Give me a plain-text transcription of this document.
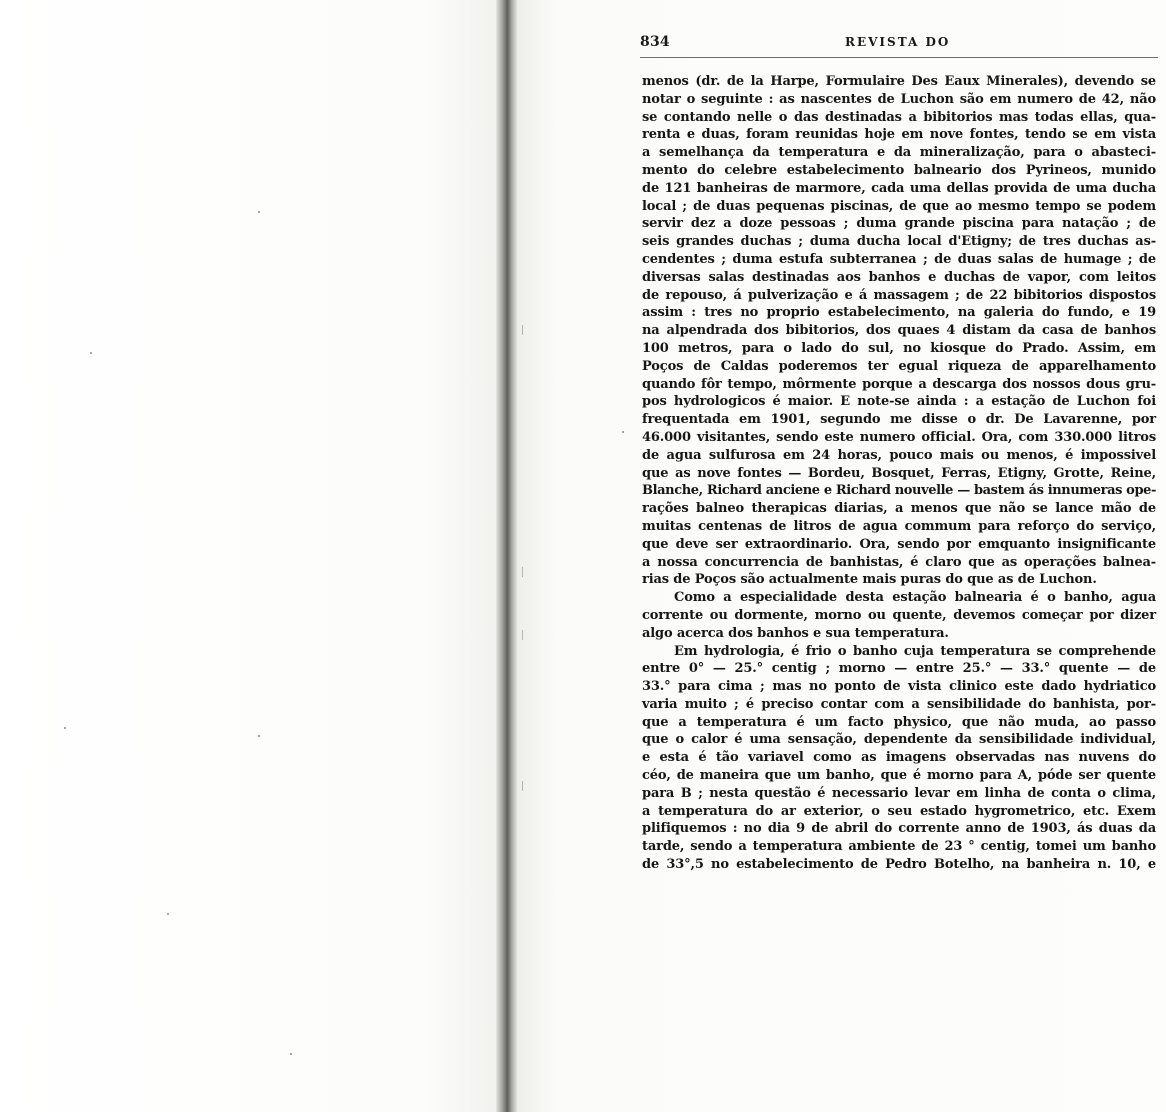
834	REVISTA DO
menos (dr. de la Harpe, Formulaire Des Eaux Minerales), devendo se
notar o seguinte : as nascentes de Luchon são em numero de 42, não
se contando nelle o das destinadas a bibitorios mas todas ellas, qua-
renta e duas, foram reunidas hoje em nove fontes, tendo se em vista
a semelhança da temperatura e da mineralização, para o abasteci-
mento do celebre estabelecimento balneario dos Pyrineos, munido
de 121 banheiras de marmore, cada uma dellas provida de uma ducha
local ; de duas pequenas piscinas, de que ao mesmo tempo se podem
servir dez a doze pessoas ; duma grande piscina para natação ; de
seis grandes duchas ; duma ducha local d'Etigny; de tres duchas as-
cendentes ; duma estufa subterranea ; de duas salas de humage ; de
diversas salas destinadas aos banhos e duchas de vapor, com leitos
de repouso, á pulverização e á massagem ; de 22 bibitorios dispostos
assim : tres no proprio estabelecimento, na galeria do fundo, e 19
na alpendrada dos bibitorios, dos quaes 4 distam da casa de banhos
100 metros, para o lado do sul, no kiosque do Prado. Assim, em
Poços de Caldas poderemos ter egual riqueza de apparelhamento
quando fôr tempo, môrmente porque a descarga dos nossos dous gru-
pos hydrologicos é maior. E note-se ainda : a estação de Luchon foi
frequentada em 1901, segundo me disse o dr. De Lavarenne, por
46.000 visitantes, sendo este numero official. Ora, com 330.000 litros
de agua sulfurosa em 24 horas, pouco mais ou menos, é impossivel
que as nove fontes — Bordeu, Bosquet, Ferras, Etigny, Grotte, Reine,
Blanche, Richard anciene e Richard nouvelle — bastem ás innumeras ope-
rações balneo therapicas diarias, a menos que não se lance mão de
muitas centenas de litros de agua commum para reforço do serviço,
que deve ser extraordinario. Ora, sendo por emquanto insignificante
a nossa concurrencia de banhistas, é claro que as operações balnea-
rias de Poços são actualmente mais puras do que as de Luchon.
Como a especialidade desta estação balnearia é o banho, agua
corrente ou dormente, morno ou quente, devemos começar por dizer
algo acerca dos banhos e sua temperatura.
Em hydrologia, é frio o banho cuja temperatura se comprehende
entre 0° — 25.° centig ; morno — entre 25.° — 33.° quente — de
33.° para cima ; mas no ponto de vista clinico este dado hydriatico
varia muito ; é preciso contar com a sensibilidade do banhista, por-
que a temperatura é um facto physico, que não muda, ao passo
que o calor é uma sensação, dependente da sensibilidade individual,
e esta é tão variavel como as imagens observadas nas nuvens do
céo, de maneira que um banho, que é morno para A, póde ser quente
para B ; nesta questão é necessario levar em linha de conta o clima,
a temperatura do ar exterior, o seu estado hygrometrico, etc. Exem
plifiquemos : no dia 9 de abril do corrente anno de 1903, ás duas da
tarde, sendo a temperatura ambiente de 23 ° centig, tomei um banho
de 33°,5 no estabelecimento de Pedro Botelho, na banheira n. 10, e
